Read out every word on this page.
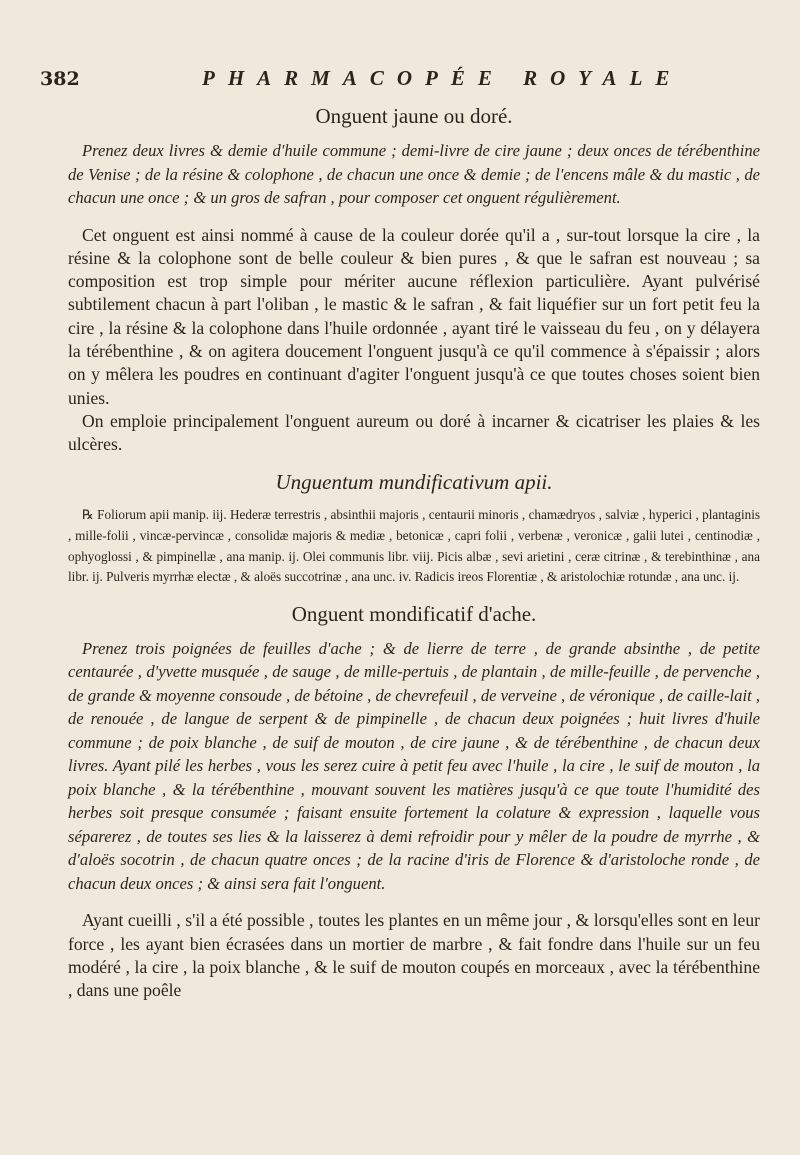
382	PHARMACOPÉE ROYALE
Onguent jaune ou doré.

Prenez deux livres & demie d'huile commune ; demi-livre de cire jaune ; deux onces de térébenthine de Venise ; de la résine & colophone , de chacun une once & demie ; de l'encens mâle & du mastic , de chacun une once ; & un gros de safran , pour composer cet onguent régulièrement.

Cet onguent est ainsi nommé à cause de la couleur dorée qu'il a , sur-tout lorsque la cire , la résine & la colophone sont de belle couleur & bien pures , & que le safran est nouveau ; sa composition est trop simple pour mériter aucune réflexion particulière. Ayant pulvérisé subtilement chacun à part l'oliban , le mastic & le safran , & fait liquéfier sur un fort petit feu la cire , la résine & la colophone dans l'huile ordonnée , ayant tiré le vaisseau du feu , on y délayera la térébenthine , & on agitera doucement l'onguent jusqu'à ce qu'il commence à s'épaissir ; alors on y mêlera les poudres en continuant d'agiter l'onguent jusqu'à ce que toutes choses soient bien unies.

On emploie principalement l'onguent aureum ou doré à incarner & cicatriser les plaies & les ulcères.

Unguentum mundificativum apii.

℞ Foliorum apii manip. iij. Hederæ terrestris , absinthii majoris , centaurii minoris , chamædryos , salviæ , hyperici , plantaginis , mille-folii , vincæ-pervincæ , consolidæ majoris & mediæ , betonicæ , capri folii , verbenæ , veronicæ , galii lutei , centinodiæ , ophyoglossi , & pimpinellæ , ana manip. ij. Olei communis libr. viij. Picis albæ , sevi arietini , ceræ citrinæ , & terebinthinæ , ana libr. ij. Pulveris myrrhæ electæ , & aloës succotrinæ , ana unc. iv. Radicis ireos Florentiæ , & aristolochiæ rotundæ , ana unc. ij.

Onguent mondificatif d'ache.

Prenez trois poignées de feuilles d'ache ; & de lierre de terre , de grande absinthe , de petite centaurée , d'yvette musquée , de sauge , de mille-pertuis , de plantain , de mille-feuille , de pervenche , de grande & moyenne consoude , de bétoine , de chevrefeuil , de verveine , de véronique , de caille-lait , de renouée , de langue de serpent & de pimpinelle , de chacun deux poignées ; huit livres d'huile commune ; de poix blanche , de suif de mouton , de cire jaune , & de térébenthine , de chacun deux livres. Ayant pilé les herbes , vous les serez cuire à petit feu avec l'huile , la cire , le suif de mouton , la poix blanche , & la térébenthine , mouvant souvent les matières jusqu'à ce que toute l'humidité des herbes soit presque consumée ; faisant ensuite fortement la colature & expression , laquelle vous séparerez , de toutes ses lies & la laisserez à demi refroidir pour y mêler de la poudre de myrrhe , & d'aloës socotrin , de chacun quatre onces ; de la racine d'iris de Florence & d'aristoloche ronde , de chacun deux onces ; & ainsi sera fait l'onguent.

Ayant cueilli , s'il a été possible , toutes les plantes en un même jour , & lorsqu'elles sont en leur force , les ayant bien écrasées dans un mortier de marbre , & fait fondre dans l'huile sur un feu modéré , la cire , la poix blanche , & le suif de mouton coupés en morceaux , avec la térébenthine , dans une poêle
